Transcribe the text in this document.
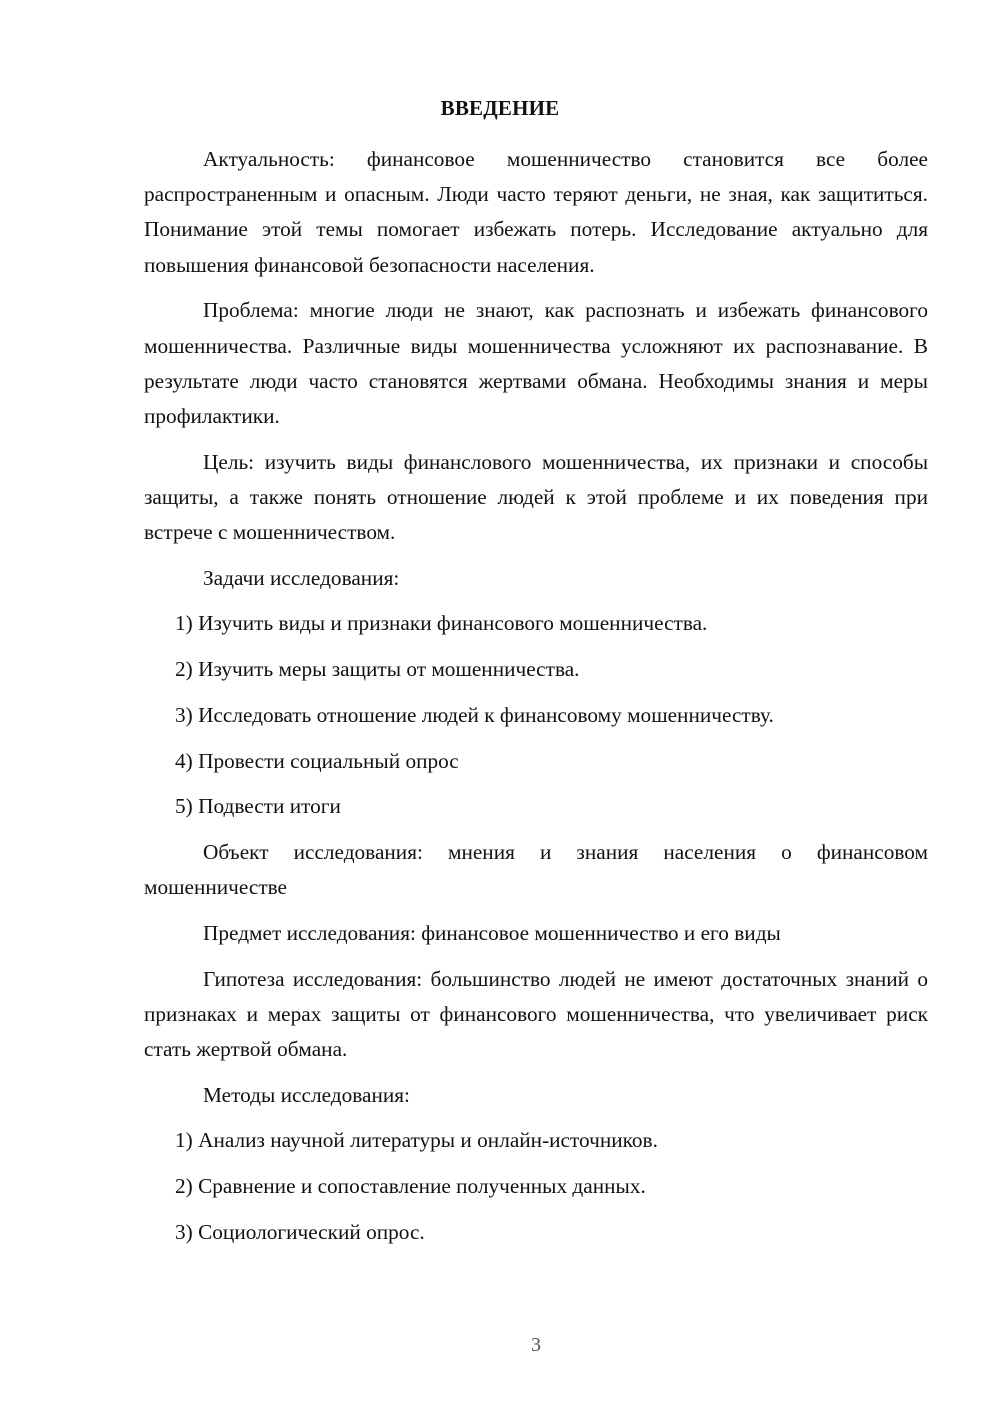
ВВЕДЕНИЕ

Актуальность: финансовое мошенничество становится все более распространенным и опасным. Люди часто теряют деньги, не зная, как защититься. Понимание этой темы помогает избежать потерь. Исследование актуально для повышения финансовой безопасности населения.

Проблема: многие люди не знают, как распознать и избежать финансового мошенничества. Различные виды мошенничества усложняют их распознавание. В результате люди часто становятся жертвами обмана. Необходимы знания и меры профилактики.

Цель: изучить виды финанслового мошенничества, их признаки и способы защиты, а также понять отношение людей к этой проблеме и их поведения при встрече с мошенничеством.

Задачи исследования:

1) Изучить виды и признаки финансового мошенничества.

2) Изучить меры защиты от мошенничества.

3) Исследовать отношение людей к финансовому мошенничеству.

4) Провести социальный опрос

5) Подвести итоги

Объект исследования: мнения и знания населения о финансовом мошенничестве

Предмет исследования: финансовое мошенничество и его виды

Гипотеза исследования: большинство людей не имеют достаточных знаний о признаках и мерах защиты от финансового мошенничества, что увеличивает риск стать жертвой обмана.

Методы исследования:

1) Анализ научной литературы и онлайн-источников.

2) Сравнение и сопоставление полученных данных.

3) Социологический опрос.

3
